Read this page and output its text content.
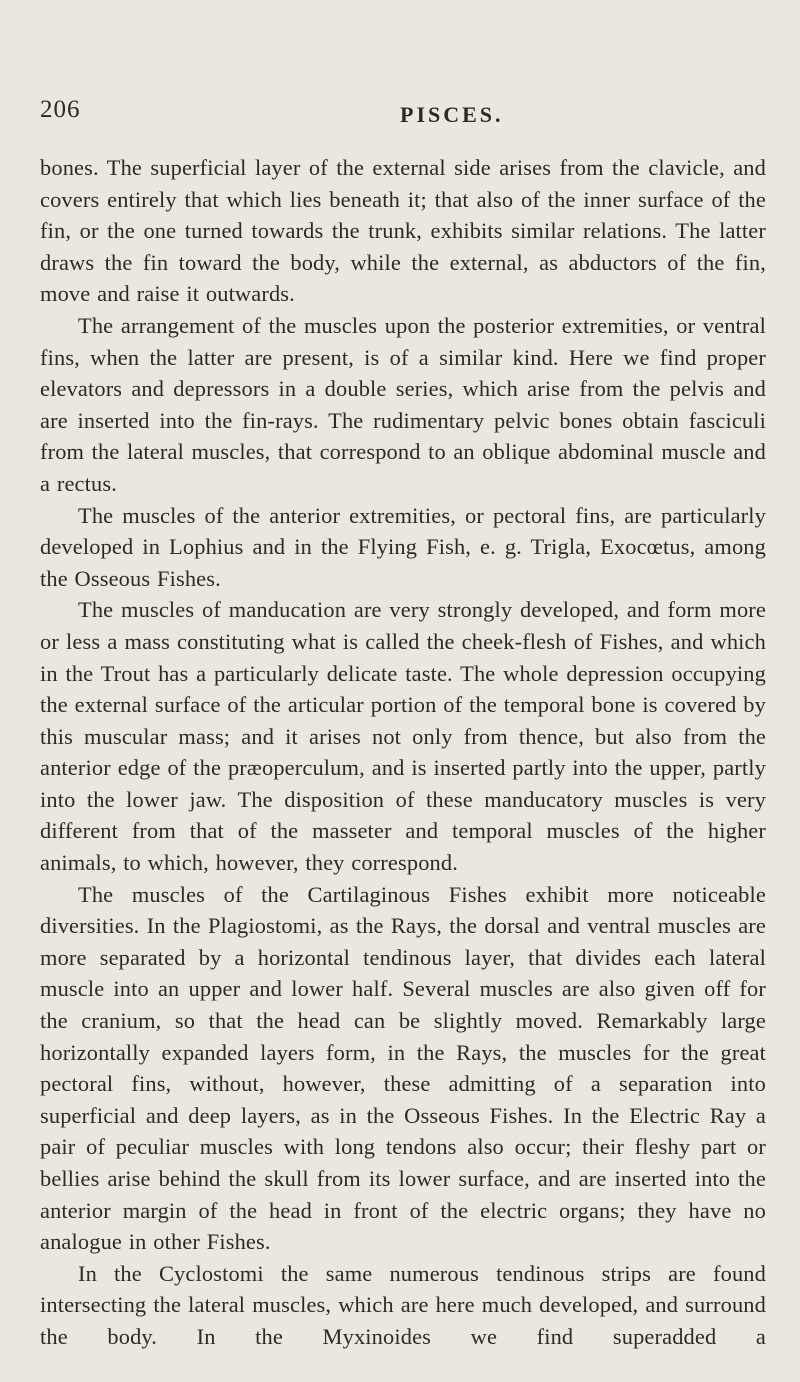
206	PISCES.

bones. The superficial layer of the external side arises from the clavicle, and covers entirely that which lies beneath it; that also of the inner surface of the fin, or the one turned towards the trunk, exhibits similar relations. The latter draws the fin toward the body, while the external, as abductors of the fin, move and raise it outwards.

The arrangement of the muscles upon the posterior extremities, or ventral fins, when the latter are present, is of a similar kind. Here we find proper elevators and depressors in a double series, which arise from the pelvis and are inserted into the fin-rays. The rudimentary pelvic bones obtain fasciculi from the lateral muscles, that correspond to an oblique abdominal muscle and a rectus.

The muscles of the anterior extremities, or pectoral fins, are particularly developed in Lophius and in the Flying Fish, e. g. Trigla, Exocœtus, among the Osseous Fishes.

The muscles of manducation are very strongly developed, and form more or less a mass constituting what is called the cheek-flesh of Fishes, and which in the Trout has a particularly delicate taste. The whole depression occupying the external surface of the articular portion of the temporal bone is covered by this muscular mass; and it arises not only from thence, but also from the anterior edge of the præoperculum, and is inserted partly into the upper, partly into the lower jaw. The disposition of these manducatory muscles is very different from that of the masseter and temporal muscles of the higher animals, to which, however, they correspond.

The muscles of the Cartilaginous Fishes exhibit more noticeable diversities. In the Plagiostomi, as the Rays, the dorsal and ventral muscles are more separated by a horizontal tendinous layer, that divides each lateral muscle into an upper and lower half. Several muscles are also given off for the cranium, so that the head can be slightly moved. Remarkably large horizontally expanded layers form, in the Rays, the muscles for the great pectoral fins, without, however, these admitting of a separation into superficial and deep layers, as in the Osseous Fishes. In the Electric Ray a pair of peculiar muscles with long tendons also occur; their fleshy part or bellies arise behind the skull from its lower surface, and are inserted into the anterior margin of the head in front of the electric organs; they have no analogue in other Fishes.

In the Cyclostomi the same numerous tendinous strips are found intersecting the lateral muscles, which are here much developed, and surround the body. In the Myxinoides we find superadded a
